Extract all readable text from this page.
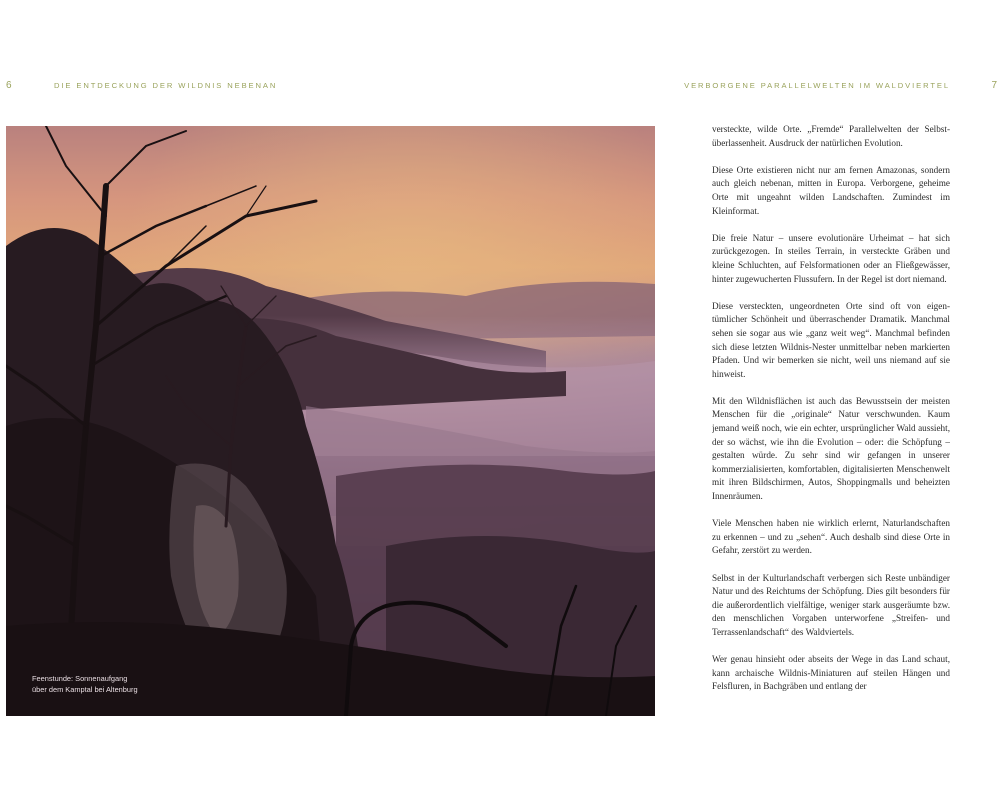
6	DIE ENTDECKUNG DER WILDNIS NEBENAN	VERBORGENE PARALLELWELTEN IM WALDVIERTEL	7
Feenstunde: Sonnenaufgang
über dem Kamptal bei Altenburg

versteckte, wilde Orte. „Fremde“ Parallelwelten der Selbstüberlassenheit. Ausdruck der natürlichen Evolution.

Diese Orte existieren nicht nur am fernen Amazonas, sondern auch gleich nebenan, mitten in Europa. Verborgene, geheime Orte mit ungeahnt wilden Landschaften. Zumindest im Kleinformat.

Die freie Natur – unsere evolutionäre Urheimat – hat sich zurückgezogen. In steiles Terrain, in versteckte Gräben und kleine Schluchten, auf Felsformationen oder an Fließgewässer, hinter zugewucherten Flussufern. In der Regel ist dort niemand.

Diese versteckten, ungeordneten Orte sind oft von eigentümlicher Schönheit und überraschender Dramatik. Manchmal sehen sie sogar aus wie „ganz weit weg“. Manchmal befinden sich diese letzten Wildnis-Nester unmittelbar neben markierten Pfaden. Und wir bemerken sie nicht, weil uns niemand auf sie hinweist.

Mit den Wildnisflächen ist auch das Bewusstsein der meisten Menschen für die „originale“ Natur verschwunden. Kaum jemand weiß noch, wie ein echter, ursprünglicher Wald aussieht, der so wächst, wie ihn die Evolution – oder: die Schöpfung – gestalten würde. Zu sehr sind wir gefangen in unserer kommerzialisierten, komfortablen, digitalisierten Menschenwelt mit ihren Bildschirmen, Autos, Shoppingmalls und beheizten Innenräumen.

Viele Menschen haben nie wirklich erlernt, Naturlandschaften zu erkennen – und zu „sehen“. Auch deshalb sind diese Orte in Gefahr, zerstört zu werden.

Selbst in der Kulturlandschaft verbergen sich Reste unbändiger Natur und des Reichtums der Schöpfung. Dies gilt besonders für die außerordentlich vielfältige, weniger stark ausgeräumte bzw. den menschlichen Vorgaben unterworfene „Streifen- und Terrassenlandschaft“ des Waldviertels.

Wer genau hinsieht oder abseits der Wege in das Land schaut, kann archaische Wildnis-Miniaturen auf steilen Hängen und Felsfluren, in Bachgräben und entlang der
